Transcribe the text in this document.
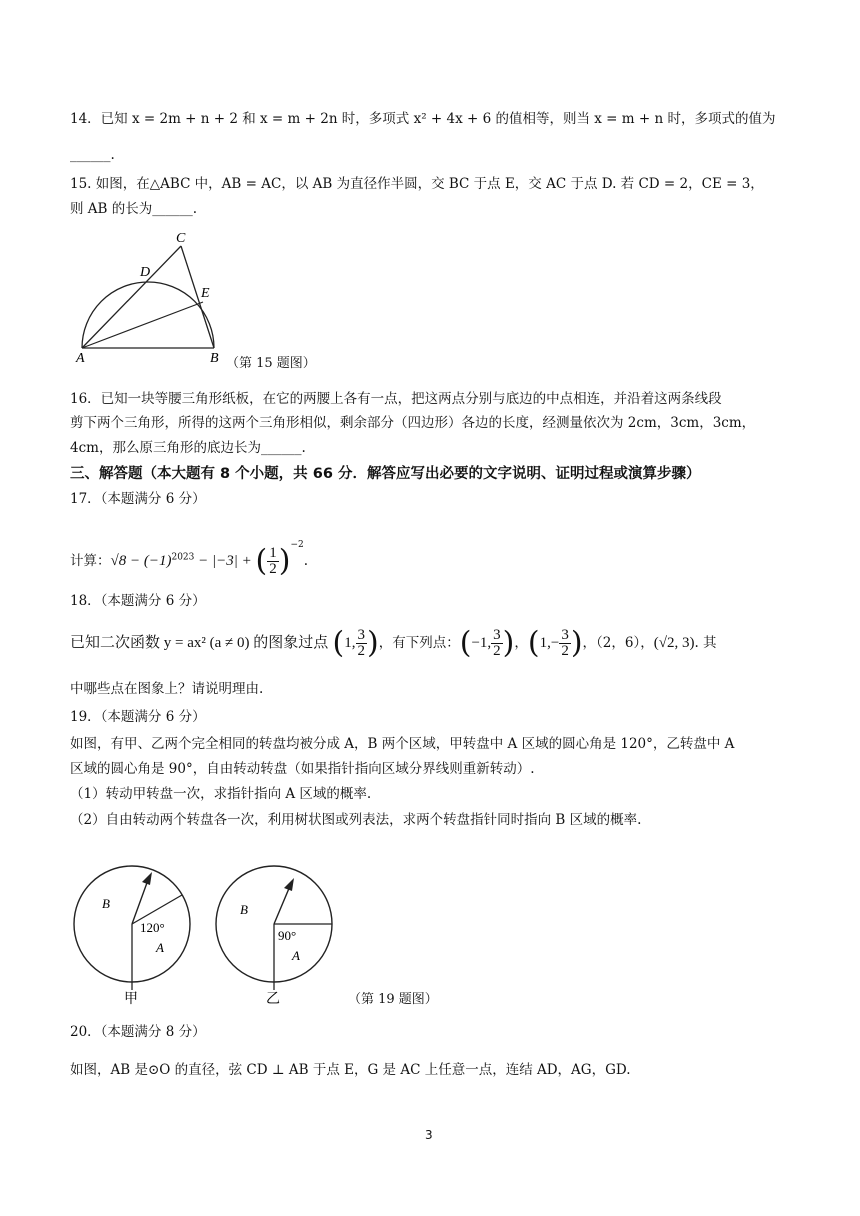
14．已知 x = 2m + n + 2 和 x = m + 2n 时，多项式 x² + 4x + 6 的值相等，则当 x = m + n 时，多项式的值为
______.
15. 如图，在△ABC 中，AB = AC，以 AB 为直径作半圆，交 BC 于点 E，交 AC 于点 D. 若 CD = 2，CE = 3，
则 AB 的长为______.
C
D
E
A	B （第 15 题图）
16．已知一块等腰三角形纸板，在它的两腰上各有一点，把这两点分别与底边的中点相连，并沿着这两条线段
剪下两个三角形，所得的这两个三角形相似，剩余部分（四边形）各边的长度，经测量依次为 2cm，3cm，3cm，
4cm，那么原三角形的底边长为______.
三、解答题（本大题有 8 个小题，共 66 分．解答应写出必要的文字说明、证明过程或演算步骤）
17．（本题满分 6 分）
计算：$√8 - (-1)^{2023} - |-3|$ + ( $\frac{1}{2} )^{-2}$.
18．（本题满分 6 分）
已知二次函数 y = ax² (a ≠ 0) 的图象过点 (1, $\frac{3}{2}$ )，有下列点：(−1, $\frac{3}{2}$ )，($1,- \frac{3}{2}$ )，（2，6），(√2, 3). 其
中哪些点在图象上？请说明理由.
19．（本题满分 6 分）
如图，有甲、乙两个完全相同的转盘均被分成 A，B 两个区域，甲转盘中 A 区域的圆心角是 120°，乙转盘中 A
区域的圆心角是 90°，自由转动转盘（如果指针指向区域分界线则重新转动）.
（1）转动甲转盘一次，求指针指向 A 区域的概率.
（2）自由转动两个转盘各一次，利用树状图或列表法，求两个转盘指针同时指向 B 区域的概率.
B
120°
A
甲
B
90°
A
乙	（第 19 题图）
20．（本题满分 8 分）
如图，AB 是⊙O 的直径，弦 CD ⊥ AB 于点 E，G 是 AC 上任意一点，连结 AD，AG，GD.
3
